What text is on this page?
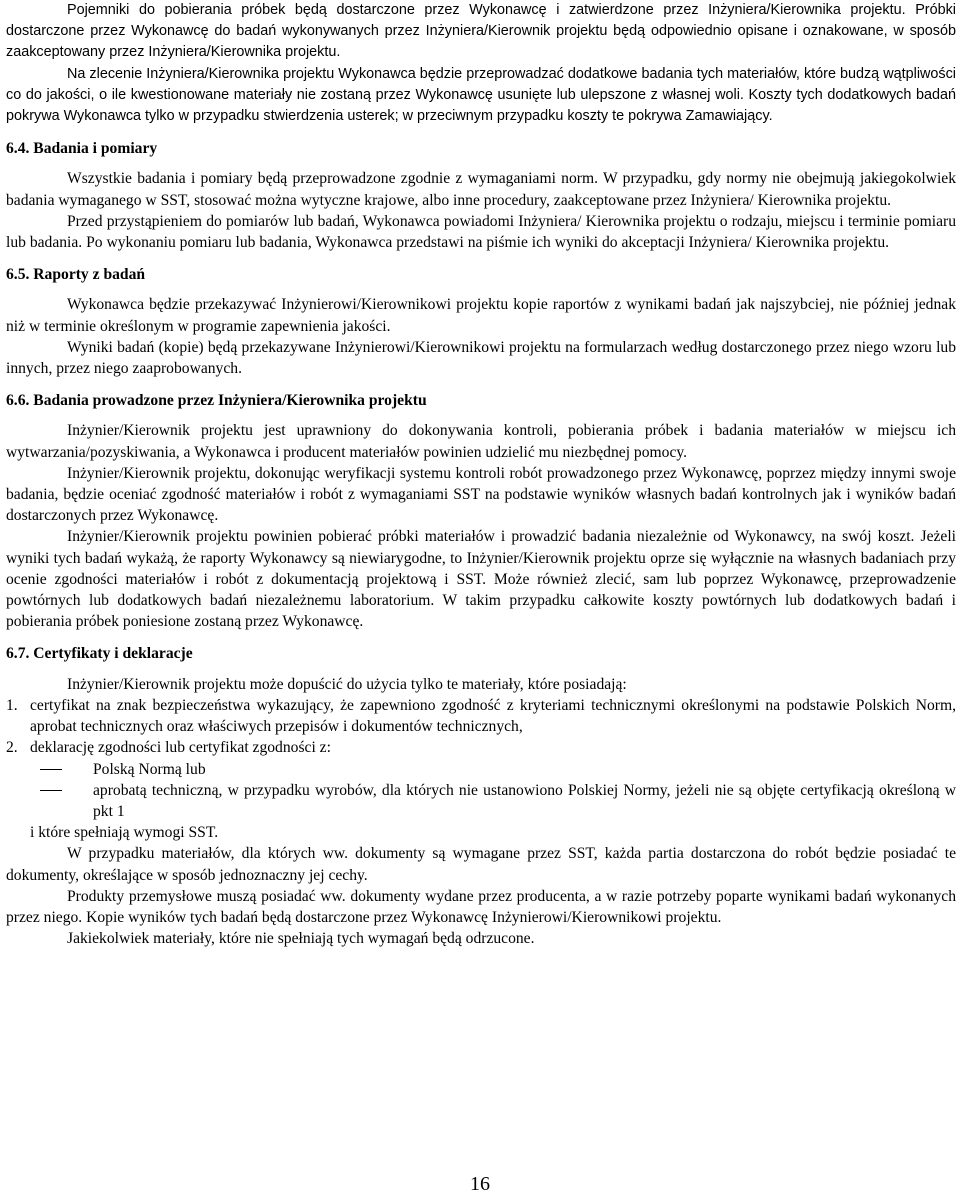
Pojemniki do pobierania próbek będą dostarczone przez Wykonawcę i zatwierdzone przez Inżyniera/Kierownika projektu. Próbki dostarczone przez Wykonawcę do badań wykonywanych przez Inżyniera/Kierownik projektu będą odpowiednio opisane i oznakowane, w sposób zaakceptowany przez Inżyniera/Kierownika projektu.

Na zlecenie Inżyniera/Kierownika projektu Wykonawca będzie przeprowadzać dodatkowe badania tych materiałów, które budzą wątpliwości co do jakości, o ile kwestionowane materiały nie zostaną przez Wykonawcę usunięte lub ulepszone z własnej woli. Koszty tych dodatkowych badań pokrywa Wykonawca tylko w przypadku stwierdzenia usterek; w przeciwnym przypadku koszty te pokrywa Zamawiający.

6.4. Badania i pomiary

Wszystkie badania i pomiary będą przeprowadzone zgodnie z wymaganiami norm. W przypadku, gdy normy nie obejmują jakiegokolwiek badania wymaganego w SST, stosować można wytyczne krajowe, albo inne procedury, zaakceptowane przez Inżyniera/ Kierownika projektu.

Przed przystąpieniem do pomiarów lub badań, Wykonawca powiadomi Inżyniera/ Kierownika projektu o rodzaju, miejscu i terminie pomiaru lub badania. Po wykonaniu pomiaru lub badania, Wykonawca przedstawi na piśmie ich wyniki do akceptacji Inżyniera/ Kierownika projektu.

6.5. Raporty z badań

Wykonawca będzie przekazywać Inżynierowi/Kierownikowi projektu kopie raportów z wynikami badań jak najszybciej, nie później jednak niż w terminie określonym w programie zapewnienia jakości.

Wyniki badań (kopie) będą przekazywane Inżynierowi/Kierownikowi projektu na formularzach według dostarczonego przez niego wzoru lub innych, przez niego zaaprobowanych.

6.6. Badania prowadzone przez Inżyniera/Kierownika projektu

Inżynier/Kierownik projektu jest uprawniony do dokonywania kontroli, pobierania próbek i badania materiałów w miejscu ich wytwarzania/pozyskiwania, a Wykonawca i producent materiałów powinien udzielić mu niezbędnej pomocy.

Inżynier/Kierownik projektu, dokonując weryfikacji systemu kontroli robót prowadzonego przez Wykonawcę, poprzez między innymi swoje badania, będzie oceniać zgodność materiałów i robót z wymaganiami SST na podstawie wyników własnych badań kontrolnych jak i wyników badań dostarczonych przez Wykonawcę.

Inżynier/Kierownik projektu powinien pobierać próbki materiałów i prowadzić badania niezależnie od Wykonawcy, na swój koszt. Jeżeli wyniki tych badań wykażą, że raporty Wykonawcy są niewiarygodne, to Inżynier/Kierownik projektu oprze się wyłącznie na własnych badaniach przy ocenie zgodności materiałów i robót z dokumentacją projektową i SST. Może również zlecić, sam lub poprzez Wykonawcę, przeprowadzenie powtórnych lub dodatkowych badań niezależnemu laboratorium. W takim przypadku całkowite koszty powtórnych lub dodatkowych badań i pobierania próbek poniesione zostaną przez Wykonawcę.

6.7. Certyfikaty i deklaracje

Inżynier/Kierownik projektu może dopuścić do użycia tylko te materiały, które posiadają:

1. certyfikat na znak bezpieczeństwa wykazujący, że zapewniono zgodność z kryteriami technicznymi określonymi na podstawie Polskich Norm, aprobat technicznych oraz właściwych przepisów i dokumentów technicznych,
2. deklarację zgodności lub certyfikat zgodności z:
Polską Normą lub
aprobatą techniczną, w przypadku wyrobów, dla których nie ustanowiono Polskiej Normy, jeżeli nie są objęte certyfikacją określoną w pkt 1

i które spełniają wymogi SST.

W przypadku materiałów, dla których ww. dokumenty są wymagane przez SST, każda partia dostarczona do robót będzie posiadać te dokumenty, określające w sposób jednoznaczny jej cechy.

Produkty przemysłowe muszą posiadać ww. dokumenty wydane przez producenta, a w razie potrzeby poparte wynikami badań wykonanych przez niego. Kopie wyników tych badań będą dostarczone przez Wykonawcę Inżynierowi/Kierownikowi projektu.

Jakiekolwiek materiały, które nie spełniają tych wymagań będą odrzucone.

16
